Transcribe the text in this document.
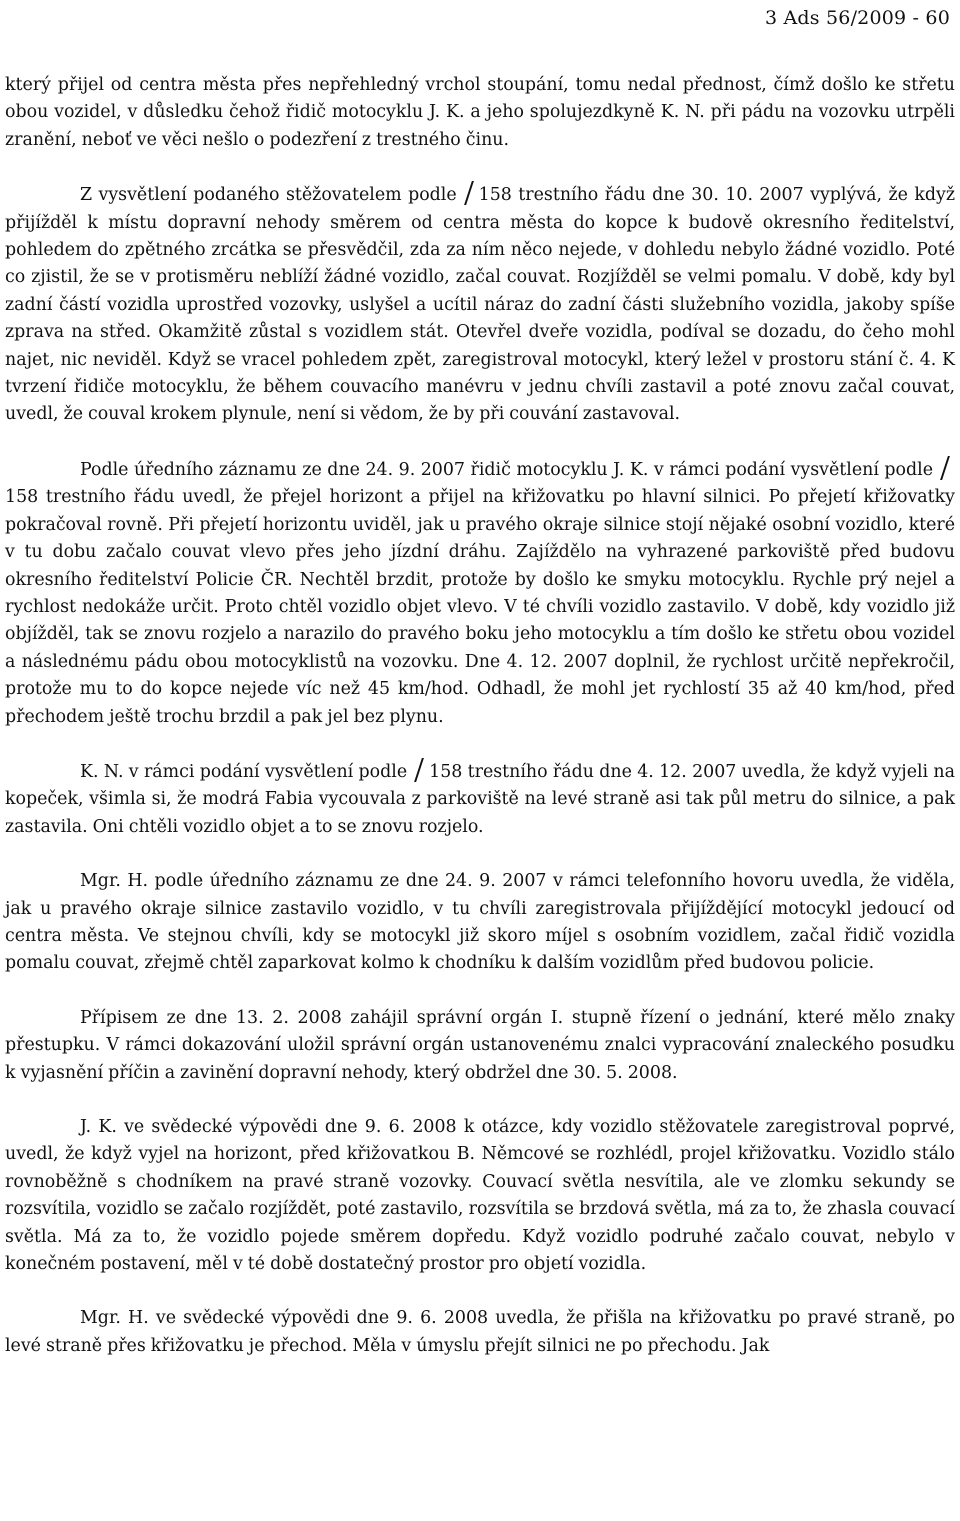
3 Ads 56/2009 - 60

který přijel od centra města přes nepřehledný vrchol stoupání, tomu nedal přednost, čímž došlo ke střetu obou vozidel, v důsledku čehož řidič motocyklu J. K. a jeho spolujezdkyně K. N. při pádu na vozovku utrpěli zranění, neboť ve věci nešlo o podezření z trestného činu.

Z vysvětlení podaného stěžovatelem podle 158 trestního řádu dne 30. 10. 2007 vyplývá, že když přijížděl k místu dopravní nehody směrem od centra města do kopce k budově okresního ředitelství, pohledem do zpětného zrcátka se přesvědčil, zda za ním něco nejede, v dohledu nebylo žádné vozidlo. Poté co zjistil, že se v protisměru neblíží žádné vozidlo, začal couvat. Rozjížděl se velmi pomalu. V době, kdy byl zadní částí vozidla uprostřed vozovky, uslyšel a ucítil náraz do zadní části služebního vozidla, jakoby spíše zprava na střed. Okamžitě zůstal s vozidlem stát. Otevřel dveře vozidla, podíval se dozadu, do čeho mohl najet, nic neviděl. Když se vracel pohledem zpět, zaregistroval motocykl, který ležel v prostoru stání č. 4. K tvrzení řidiče motocyklu, že během couvacího manévru v jednu chvíli zastavil a poté znovu začal couvat, uvedl, že couval krokem plynule, není si vědom, že by při couvání zastavoval.

Podle úředního záznamu ze dne 24. 9. 2007 řidič motocyklu J. K. v rámci podání vysvětlení podle158 trestního řádu uvedl, že přejel horizont a přijel na křižovatku po hlavní silnici. Po přejetí křižovatky pokračoval rovně. Při přejetí horizontu uviděl, jak u pravého okraje silnice stojí nějaké osobní vozidlo, které v tu dobu začalo couvat vlevo přes jeho jízdní dráhu. Zajíždělo na vyhrazené parkoviště před budovu okresního ředitelství Policie ČR. Nechtěl brzdit, protože by došlo ke smyku motocyklu. Rychle prý nejel a rychlost nedokáže určit. Proto chtěl vozidlo objet vlevo. V té chvíli vozidlo zastavilo. V době, kdy vozidlo již objížděl, tak se znovu rozjelo a narazilo do pravého boku jeho motocyklu a tím došlo ke střetu obou vozidel a následnému pádu obou motocyklistů na vozovku. Dne 4. 12. 2007 doplnil, že rychlost určitě nepřekročil, protože mu to do kopce nejede víc než 45 km/hod. Odhadl, že mohl jet rychlostí 35 až 40 km/hod, před přechodem ještě trochu brzdil a pak jel bez plynu.

K. N. v rámci podání vysvětlení podle 158 trestního řádu dne 4. 12. 2007 uvedla, že když vyjeli na kopeček, všimla si, že modrá Fabia vycouvala z parkoviště na levé straně asi tak půl metru do silnice, a pak zastavila. Oni chtěli vozidlo objet a to se znovu rozjelo.

Mgr. H. podle úředního záznamu ze dne 24. 9. 2007 v rámci telefonního hovoru uvedla, že viděla, jak u pravého okraje silnice zastavilo vozidlo, v tu chvíli zaregistrovala přijíždějící motocykl jedoucí od centra města. Ve stejnou chvíli, kdy se motocykl již skoro míjel s osobním vozidlem, začal řidič vozidla pomalu couvat, zřejmě chtěl zaparkovat kolmo k chodníku k dalším vozidlům před budovou policie.

Přípisem ze dne 13. 2. 2008 zahájil správní orgán I. stupně řízení o jednání, které mělo znaky přestupku. V rámci dokazování uložil správní orgán ustanovenému znalci vypracování znaleckého posudku k vyjasnění příčin a zavinění dopravní nehody, který obdržel dne 30. 5. 2008.

J. K. ve svědecké výpovědi dne 9. 6. 2008 k otázce, kdy vozidlo stěžovatele zaregistroval poprvé, uvedl, že když vyjel na horizont, před křižovatkou B. Němcové se rozhlédl, projel křižovatku. Vozidlo stálo rovnoběžně s chodníkem na pravé straně vozovky. Couvací světla nesvítila, ale ve zlomku sekundy se rozsvítila, vozidlo se začalo rozjíždět, poté zastavilo, rozsvítila se brzdová světla, má za to, že zhasla couvací světla. Má za to, že vozidlo pojede směrem dopředu. Když vozidlo podruhé začalo couvat, nebylo v konečném postavení, měl v té době dostatečný prostor pro objetí vozidla.

Mgr. H. ve svědecké výpovědi dne 9. 6. 2008 uvedla, že přišla na křižovatku po pravé straně, po levé straně přes křižovatku je přechod. Měla v úmyslu přejít silnici ne po přechodu. Jak
